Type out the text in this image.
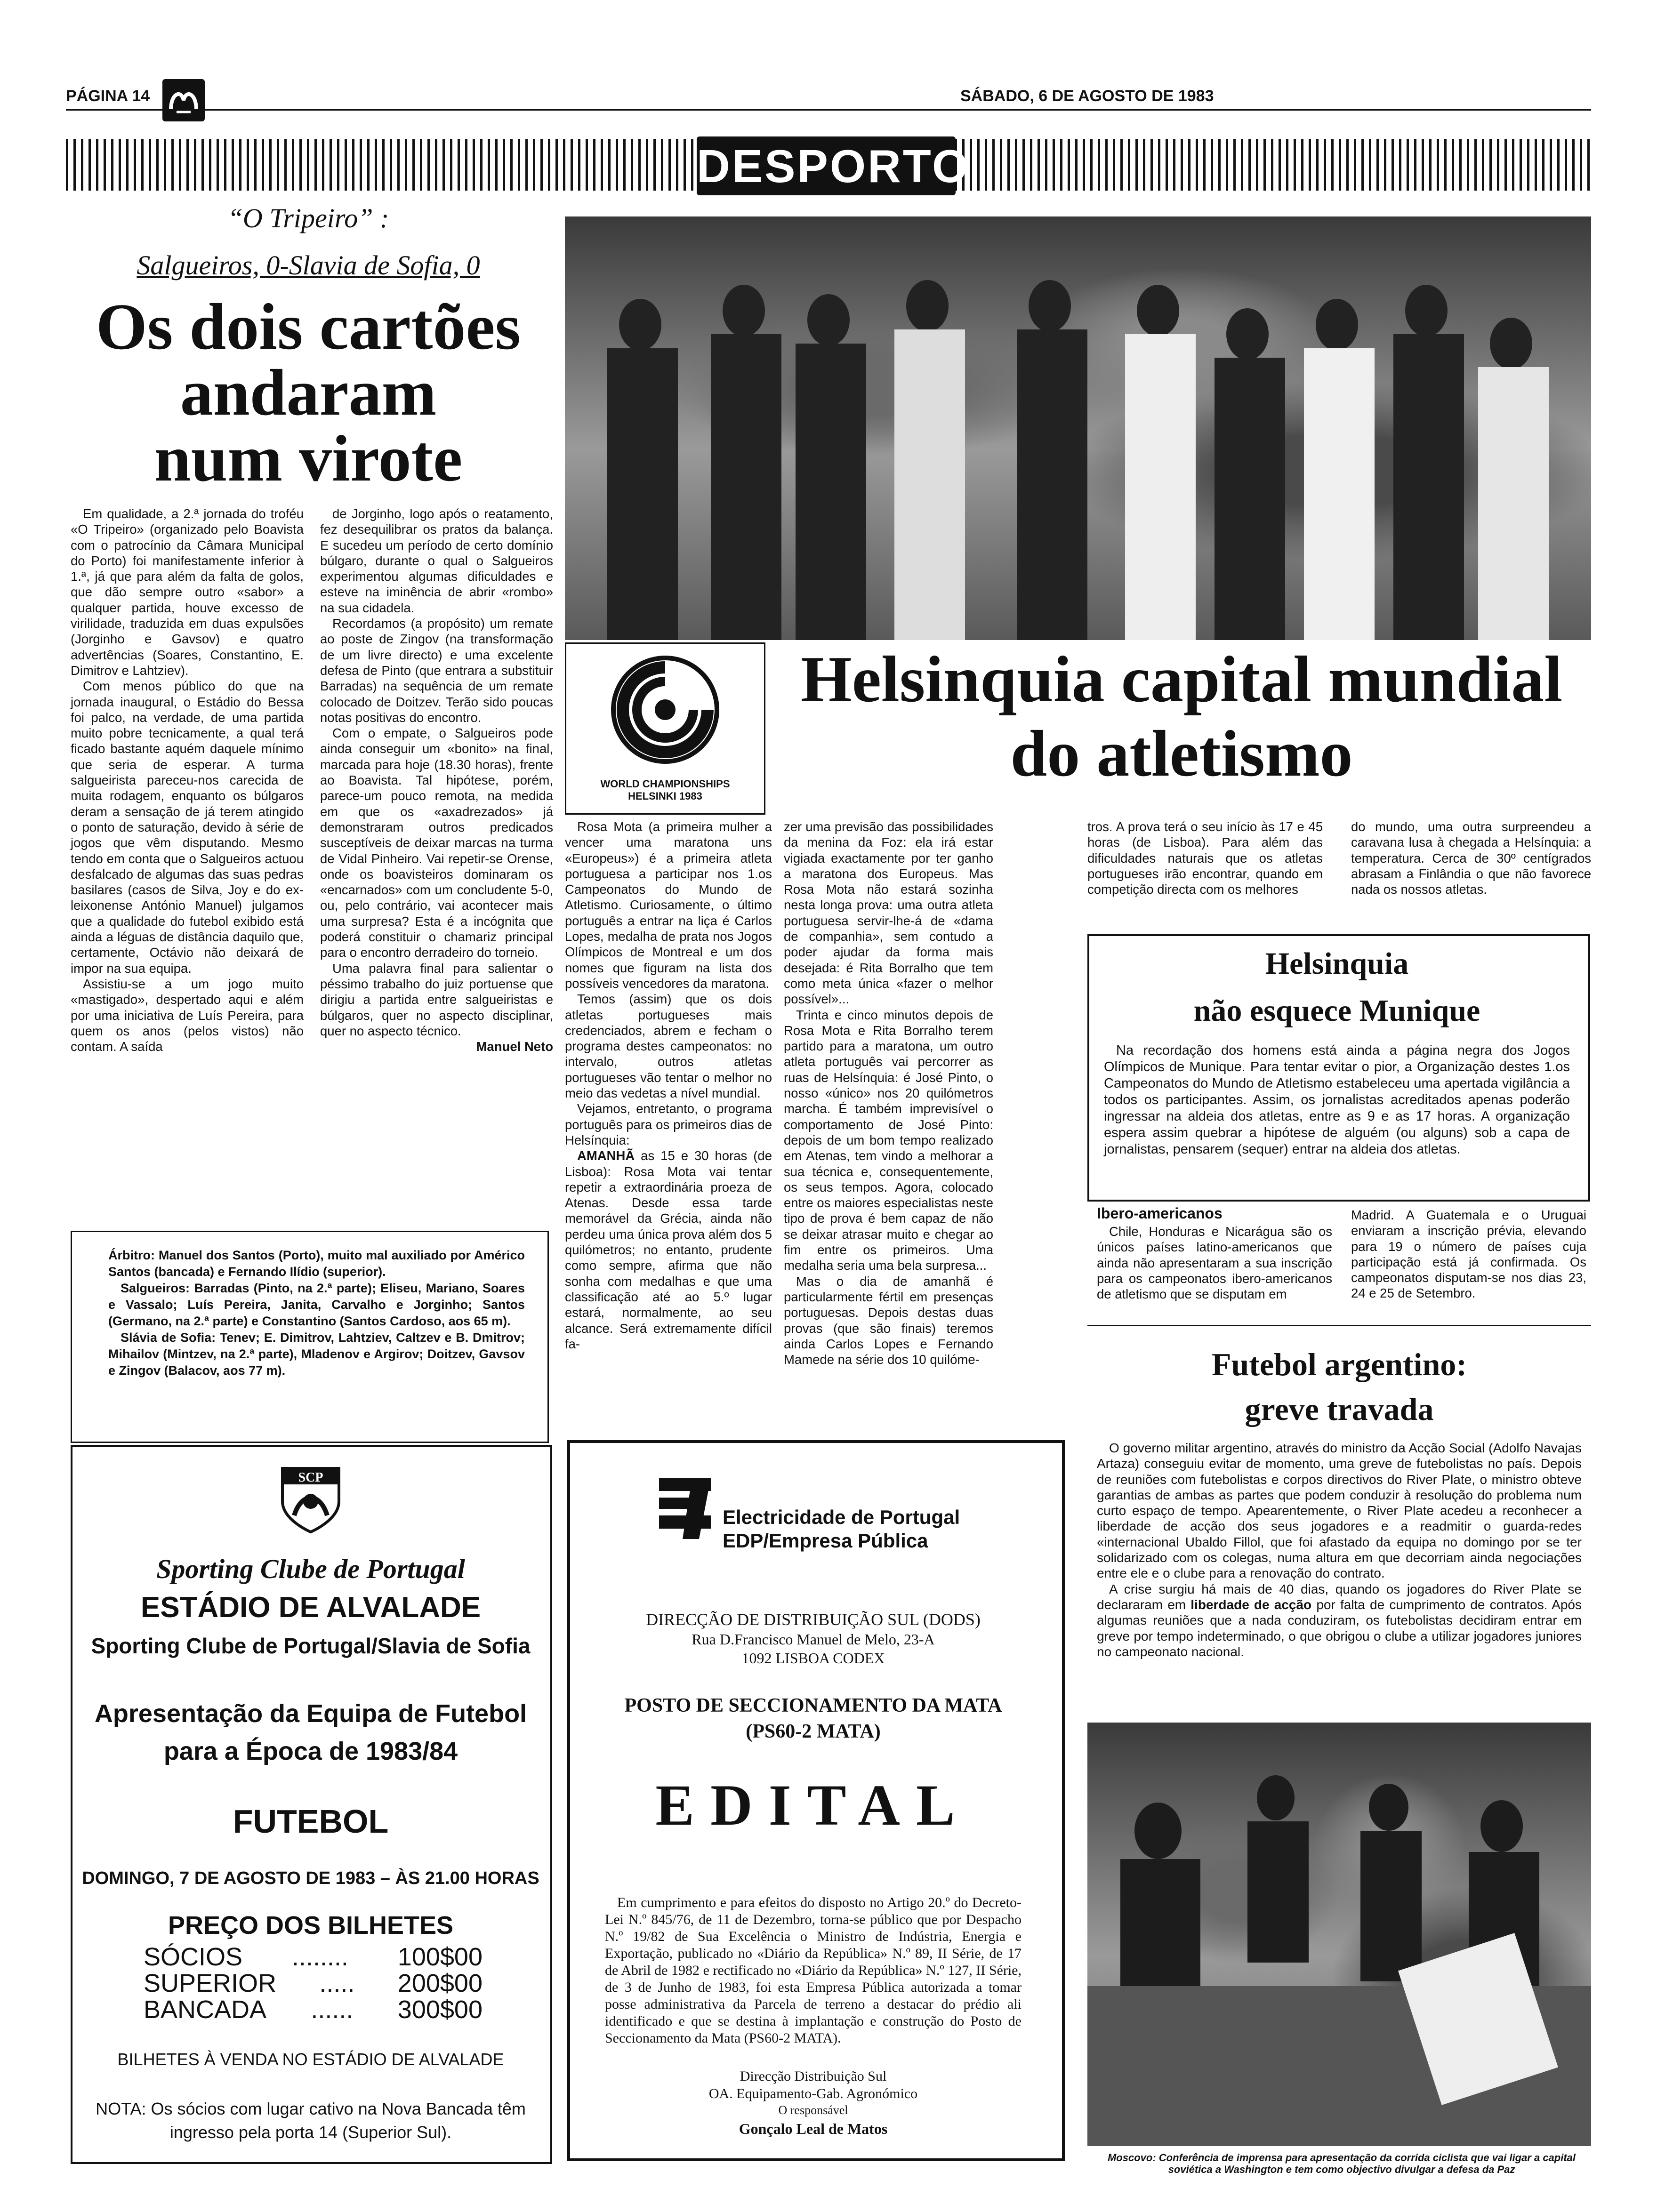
PÁGINA 14	SÁBADO, 6 DE AGOSTO DE 1983
DESPORTO
“O Tripeiro” :
Salgueiros, 0-Slavia de Sofia, 0
Os dois cartões
andaram
num virote

Em qualidade, a 2.ª jornada do troféu «O Tripeiro» (organizado pelo Boavista com o patrocínio da Câmara Municipal do Porto) foi manifestamente inferior à 1.ª, já que para além da falta de golos, que dão sempre outro «sabor» a qualquer partida, houve excesso de virilidade, traduzida em duas expulsões (Jorginho e Gavsov) e quatro advertências (Soares, Constantino, E. Dimitrov e Lahtziev).

Com menos público do que na jornada inaugural, o Estádio do Bessa foi palco, na verdade, de uma partida muito pobre tecnicamente, a qual terá ficado bastante aquém daquele mínimo que seria de esperar. A turma salgueirista pareceu-nos carecida de muita rodagem, enquanto os búlgaros deram a sensação de já terem atingido o ponto de saturação, devido à série de jogos que vêm disputando. Mesmo tendo em conta que o Salgueiros actuou desfalcado de algumas das suas pedras basilares (casos de Silva, Joy e do ex-leixonense António Manuel) julgamos que a qualidade do futebol exibido está ainda a léguas de distância daquilo que, certamente, Octávio não deixará de impor na sua equipa.

Assistiu-se a um jogo muito «mastigado», despertado aqui e além por uma iniciativa de Luís Pereira, para quem os anos (pelos vistos) não contam. A saída

de Jorginho, logo após o reatamento, fez desequilibrar os pratos da balança. E sucedeu um período de certo domínio búlgaro, durante o qual o Salgueiros experimentou algumas dificuldades e esteve na iminência de abrir «rombo» na sua cidadela.

Recordamos (a propósito) um remate ao poste de Zingov (na transformação de um livre directo) e uma excelente defesa de Pinto (que entrara a substituir Barradas) na sequência de um remate colocado de Doitzev. Terão sido poucas notas positivas do encontro.

Com o empate, o Salgueiros pode ainda conseguir um «bonito» na final, marcada para hoje (18.30 horas), frente ao Boavista. Tal hipótese, porém, parece-um pouco remota, na medida em que os «axadrezados» já demonstraram outros predicados susceptíveis de deixar marcas na turma de Vidal Pinheiro. Vai repetir-se Orense, onde os boavisteiros dominaram os «encarnados» com um concludente 5-0, ou, pelo contrário, vai acontecer mais uma surpresa? Esta é a incógnita que poderá constituir o chamariz principal para o encontro derradeiro do torneio.

Uma palavra final para salientar o péssimo trabalho do juiz portuense que dirigiu a partida entre salgueiristas e búlgaros, quer no aspecto disciplinar, quer no aspecto técnico.

Manuel Neto

Árbitro: Manuel dos Santos (Porto), muito mal auxiliado por Américo Santos (bancada) e Fernando Ilídio (superior).

Salgueiros: Barradas (Pinto, na 2.ª parte); Eliseu, Mariano, Soares e Vassalo; Luís Pereira, Janita, Carvalho e Jorginho; Santos (Germano, na 2.ª parte) e Constantino (Santos Cardoso, aos 65 m).

Slávia de Sofia: Tenev; E. Dimitrov, Lahtziev, Caltzev e B. Dmitrov; Mihailov (Mintzev, na 2.ª parte), Mladenov e Argirov; Doitzev, Gavsov e Zingov (Balacov, aos 77 m).

SCP
Sporting Clube de Portugal
ESTÁDIO DE ALVALADE
Sporting Clube de Portugal/Slavia de Sofia
Apresentação da Equipa de Futebol
para a Época de 1983/84
FUTEBOL
DOMINGO, 7 DE AGOSTO DE 1983 – ÀS 21.00 HORAS
PREÇO DOS BILHETES
SÓCIOS ........ 100$00
SUPERIOR ..... 200$00
BANCADA ...... 300$00
BILHETES À VENDA NO ESTÁDIO DE ALVALADE
NOTA: Os sócios com lugar cativo na Nova Bancada têm
ingresso pela porta 14 (Superior Sul).
WORLD CHAMPIONSHIPS
HELSINKI 1983
Helsinquia capital mundial
do atletismo

Rosa Mota (a primeira mulher a vencer uma maratona uns «Europeus») é a primeira atleta portuguesa a participar nos 1.os Campeonatos do Mundo de Atletismo. Curiosamente, o último português a entrar na liça é Carlos Lopes, medalha de prata nos Jogos Olímpicos de Montreal e um dos nomes que figuram na lista dos possíveis vencedores da maratona.

Temos (assim) que os dois atletas portugueses mais credenciados, abrem e fecham o programa destes campeonatos: no intervalo, outros atletas portugueses vão tentar o melhor no meio das vedetas a nível mundial.

Vejamos, entretanto, o programa português para os primeiros dias de Helsínquia:

AMANHÃ as 15 e 30 horas (de Lisboa): Rosa Mota vai tentar repetir a extraordinária proeza de Atenas. Desde essa tarde memorável da Grécia, ainda não perdeu uma única prova além dos 5 quilómetros; no entanto, prudente como sempre, afirma que não sonha com medalhas e que uma classificação até ao 5.º lugar estará, normalmente, ao seu alcance. Será extremamente difícil fa-

zer uma previsão das possibilidades da menina da Foz: ela irá estar vigiada exactamente por ter ganho a maratona dos Europeus. Mas Rosa Mota não estará sozinha nesta longa prova: uma outra atleta portuguesa servir-lhe-á de «dama de companhia», sem contudo a poder ajudar da forma mais desejada: é Rita Borralho que tem como meta única «fazer o melhor possível»...

Trinta e cinco minutos depois de Rosa Mota e Rita Borralho terem partido para a maratona, um outro atleta português vai percorrer as ruas de Helsínquia: é José Pinto, o nosso «único» nos 20 quilómetros marcha. É também imprevisível o comportamento de José Pinto: depois de um bom tempo realizado em Atenas, tem vindo a melhorar a sua técnica e, consequentemente, os seus tempos. Agora, colocado entre os maiores especialistas neste tipo de prova é bem capaz de não se deixar atrasar muito e chegar ao fim entre os primeiros. Uma medalha seria uma bela surpresa...

Mas o dia de amanhã é particularmente fértil em presenças portuguesas. Depois destas duas provas (que são finais) teremos ainda Carlos Lopes e Fernando Mamede na série dos 10 quilóme-

tros. A prova terá o seu início às 17 e 45 horas (de Lisboa). Para além das dificuldades naturais que os atletas portugueses irão encontrar, quando em competição directa com os melhores

do mundo, uma outra surpreendeu a caravana lusa à chegada a Helsínquia: a temperatura. Cerca de 30º centígrados abrasam a Finlândia o que não favorece nada os nossos atletas.

Helsinquia
não esquece Munique

Na recordação dos homens está ainda a página negra dos Jogos Olímpicos de Munique. Para tentar evitar o pior, a Organização destes 1.os Campeonatos do Mundo de Atletismo estabeleceu uma apertada vigilância a todos os participantes. Assim, os jornalistas acreditados apenas poderão ingressar na aldeia dos atletas, entre as 9 e as 17 horas. A organização espera assim quebrar a hipótese de alguém (ou alguns) sob a capa de jornalistas, pensarem (sequer) entrar na aldeia dos atletas.

Ibero-americanos

Chile, Honduras e Nicarágua são os únicos países latino-americanos que ainda não apresentaram a sua inscrição para os campeonatos ibero-americanos de atletismo que se disputam em

Madrid. A Guatemala e o Uruguai enviaram a inscrição prévia, elevando para 19 o número de países cuja participação está já confirmada. Os campeonatos disputam-se nos dias 23, 24 e 25 de Setembro.

Futebol argentino:
greve travada

O governo militar argentino, através do ministro da Acção Social (Adolfo Navajas Artaza) conseguiu evitar de momento, uma greve de futebolistas no país. Depois de reuniões com futebolistas e corpos directivos do River Plate, o ministro obteve garantias de ambas as partes que podem conduzir à resolução do problema num curto espaço de tempo. Apearentemente, o River Plate acedeu a reconhecer a liberdade de acção dos seus jogadores e a readmitir o guarda-redes «internacional Ubaldo Fillol, que foi afastado da equipa no domingo por se ter solidarizado com os colegas, numa altura em que decorriam ainda negociações entre ele e o clube para a renovação do contrato.

A crise surgiu há mais de 40 dias, quando os jogadores do River Plate se declararam em liberdade de acção por falta de cumprimento de contratos. Após algumas reuniões que a nada conduziram, os futebolistas decidiram entrar em greve por tempo indeterminado, o que obrigou o clube a utilizar jogadores juniores no campeonato nacional.

Electricidade de Portugal
EDP/Empresa Pública
DIRECÇÃO DE DISTRIBUIÇÃO SUL (DODS)
Rua D.Francisco Manuel de Melo, 23-A
1092 LISBOA CODEX
POSTO DE SECCIONAMENTO DA MATA
(PS60-2 MATA)
EDITAL

Em cumprimento e para efeitos do disposto no Artigo 20.º do Decreto-Lei N.º 845/76, de 11 de Dezembro, torna-se público que por Despacho N.º 19/82 de Sua Excelência o Ministro de Indústria, Energia e Exportação, publicado no «Diário da República» N.º 89, II Série, de 17 de Abril de 1982 e rectificado no «Diário da República» N.º 127, II Série, de 3 de Junho de 1983, foi esta Empresa Pública autorizada a tomar posse administrativa da Parcela de terreno a destacar do prédio ali identificado e que se destina à implantação e construção do Posto de Seccionamento da Mata (PS60-2 MATA).

Direcção Distribuição Sul
OA. Equipamento-Gab. Agronómico
O responsável
Gonçalo Leal de Matos
Moscovo: Conferência de imprensa para apresentação da corrida ciclista que vai ligar a capital soviética a Washington e tem como objectivo divulgar a defesa da Paz
